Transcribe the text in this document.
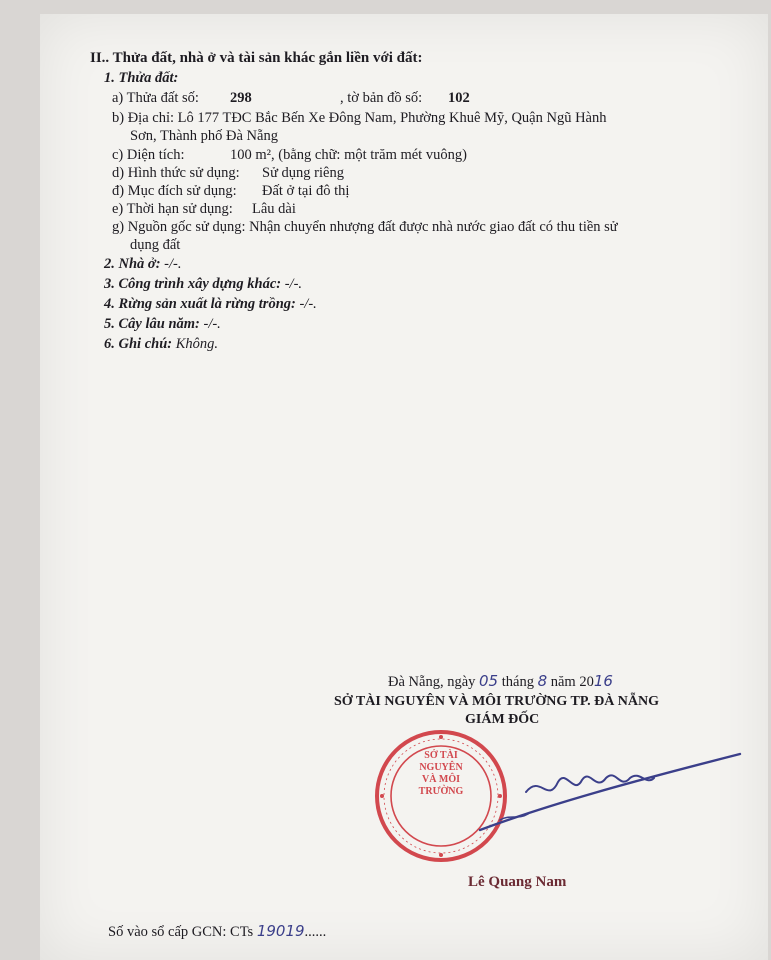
II.. Thửa đất, nhà ở và tài sản khác gắn liền với đất:
1. Thửa đất:
a) Thửa đất số: 298	, tờ bản đồ số: 102
b) Địa chỉ: Lô 177 TĐC Bắc Bến Xe Đông Nam, Phường Khuê Mỹ, Quận Ngũ Hành
Sơn, Thành phố Đà Nẵng
c) Diện tích:	100 m², (bằng chữ: một trăm mét vuông)
d) Hình thức sử dụng: Sử dụng riêng
đ) Mục đích sử dụng: Đất ở tại đô thị
e) Thời hạn sử dụng: Lâu dài
g) Nguồn gốc sử dụng: Nhận chuyển nhượng đất được nhà nước giao đất có thu tiền sử
dụng đất
2. Nhà ở: -/-.
3. Công trình xây dựng khác: -/-.
4. Rừng sản xuất là rừng trồng: -/-.
5. Cây lâu năm: -/-.
6. Ghi chú: Không.
Đà Nẵng, ngày 05 tháng 8 năm 2016
SỞ TÀI NGUYÊN VÀ MÔI TRƯỜNG TP. ĐÀ NẴNG
GIÁM ĐỐC
SỞ TÀI NGUYÊN VÀ MÔI TRƯỜNG
Lê Quang Nam
Số vào sổ cấp GCN: CTs 19019......
